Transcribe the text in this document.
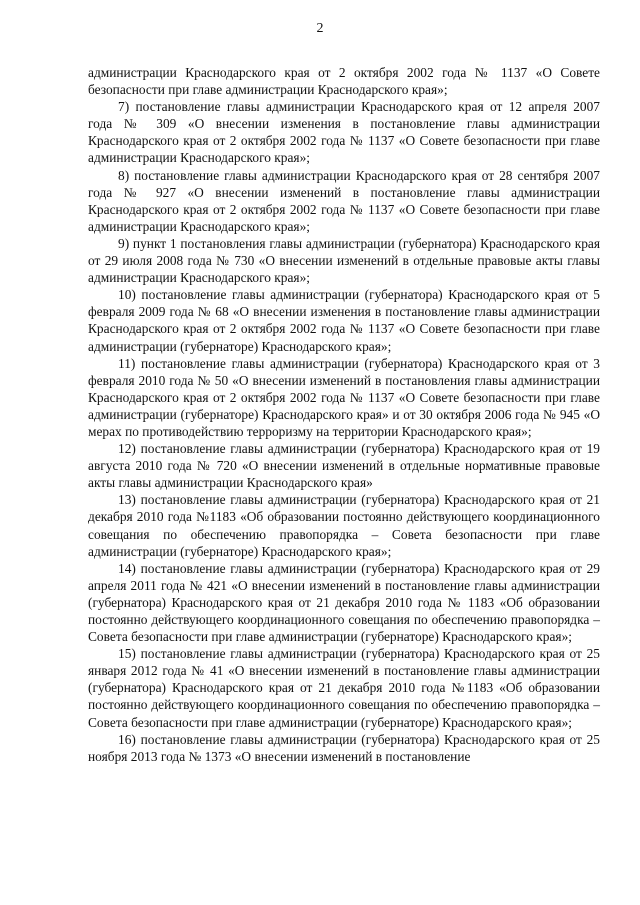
2

администрации Краснодарского края от 2 октября 2002 года № 1137 «О Совете безопасности при главе администрации Краснодарского края»;

7) постановление главы администрации Краснодарского края от 12 апреля 2007 года № 309 «О внесении изменения в постановление главы администрации Краснодарского края от 2 октября 2002 года № 1137 «О Совете безопасности при главе администрации Краснодарского края»;

8) постановление главы администрации Краснодарского края от 28 сентября 2007 года № 927 «О внесении изменений в постановление главы администрации Краснодарского края от 2 октября 2002 года № 1137 «О Совете безопасности при главе администрации Краснодарского края»;

9) пункт 1 постановления главы администрации (губернатора) Краснодарского края от 29 июля 2008 года № 730 «О внесении изменений в отдельные правовые акты главы администрации Краснодарского края»;

10) постановление главы администрации (губернатора) Краснодарского края от 5 февраля 2009 года № 68 «О внесении изменения в постановление главы администрации Краснодарского края от 2 октября 2002 года № 1137 «О Совете безопасности при главе администрации (губернаторе) Краснодарского края»;

11) постановление главы администрации (губернатора) Краснодарского края от 3 февраля 2010 года № 50 «О внесении изменений в постановления главы администрации Краснодарского края от 2 октября 2002 года № 1137 «О Совете безопасности при главе администрации (губернаторе) Краснодарского края» и от 30 октября 2006 года № 945 «О мерах по противодействию терроризму на территории Краснодарского края»;

12) постановление главы администрации (губернатора) Краснодарского края от 19 августа 2010 года № 720 «О внесении изменений в отдельные нормативные правовые акты главы администрации Краснодарского края»

13) постановление главы администрации (губернатора) Краснодарского края от 21 декабря 2010 года №1183 «Об образовании постоянно действующего координационного совещания по обеспечению правопорядка – Совета безопасности при главе администрации (губернаторе) Краснодарского края»;

14) постановление главы администрации (губернатора) Краснодарского края от 29 апреля 2011 года № 421 «О внесении изменений в постановление главы администрации (губернатора) Краснодарского края от 21 декабря 2010 года № 1183 «Об образовании постоянно действующего координационного совещания по обеспечению правопорядка – Совета безопасности при главе администрации (губернаторе) Краснодарского края»;

15) постановление главы администрации (губернатора) Краснодарского края от 25 января 2012 года № 41 «О внесении изменений в постановление главы администрации (губернатора) Краснодарского края от 21 декабря 2010 года №1183 «Об образовании постоянно действующего координационного совещания по обеспечению правопорядка – Совета безопасности при главе администрации (губернаторе) Краснодарского края»;

16) постановление главы администрации (губернатора) Краснодарского края от 25 ноября 2013 года № 1373 «О внесении изменений в постановление
